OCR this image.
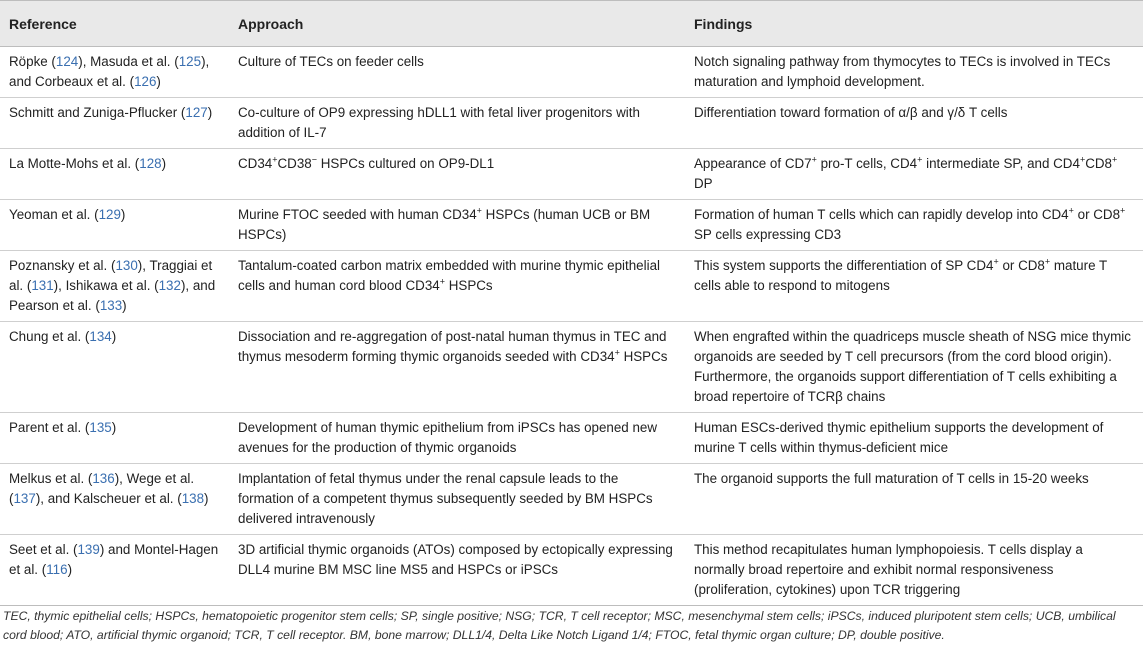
Reference	Approach	Findings
Röpke (124), Masuda et al. (125), and Corbeaux et al. (126)	Culture of TECs on feeder cells	Notch signaling pathway from thymocytes to TECs is involved in TECs maturation and lymphoid development.
Schmitt and Zuniga-Pflucker (127)	Co-culture of OP9 expressing hDLL1 with fetal liver progenitors with addition of IL-7	Differentiation toward formation of α/β and γ/δ T cells
La Motte-Mohs et al. (128)	CD34+CD38− HSPCs cultured on OP9-DL1	Appearance of CD7+ pro-T cells, CD4+ intermediate SP, and CD4+CD8+ DP
Yeoman et al. (129)	Murine FTOC seeded with human CD34+ HSPCs (human UCB or BM HSPCs)	Formation of human T cells which can rapidly develop into CD4+ or CD8+ SP cells expressing CD3
Poznansky et al. (130), Traggiai et al. (131), Ishikawa et al. (132), and Pearson et al. (133)	Tantalum-coated carbon matrix embedded with murine thymic epithelial cells and human cord blood CD34+ HSPCs	This system supports the differentiation of SP CD4+ or CD8+ mature T cells able to respond to mitogens
Chung et al. (134)	Dissociation and re-aggregation of post-natal human thymus in TEC and thymus mesoderm forming thymic organoids seeded with CD34+ HSPCs	When engrafted within the quadriceps muscle sheath of NSG mice thymic organoids are seeded by T cell precursors (from the cord blood origin). Furthermore, the organoids support differentiation of T cells exhibiting a broad repertoire of TCRβ chains
Parent et al. (135)	Development of human thymic epithelium from iPSCs has opened new avenues for the production of thymic organoids	Human ESCs-derived thymic epithelium supports the development of murine T cells within thymus-deficient mice
Melkus et al. (136), Wege et al. (137), and Kalscheuer et al. (138)	Implantation of fetal thymus under the renal capsule leads to the formation of a competent thymus subsequently seeded by BM HSPCs delivered intravenously	The organoid supports the full maturation of T cells in 15-20 weeks
Seet et al. (139) and Montel-Hagen et al. (116)	3D artificial thymic organoids (ATOs) composed by ectopically expressing DLL4 murine BM MSC line MS5 and HSPCs or iPSCs	This method recapitulates human lymphopoiesis. T cells display a normally broad repertoire and exhibit normal responsiveness (proliferation, cytokines) upon TCR triggering
TEC, thymic epithelial cells; HSPCs, hematopoietic progenitor stem cells; SP, single positive; NSG; TCR, T cell receptor; MSC, mesenchymal stem cells; iPSCs, induced pluripotent stem cells; UCB, umbilical cord blood; ATO, artificial thymic organoid; TCR, T cell receptor. BM, bone marrow; DLL1/4, Delta Like Notch Ligand 1/4; FTOC, fetal thymic organ culture; DP, double positive.
